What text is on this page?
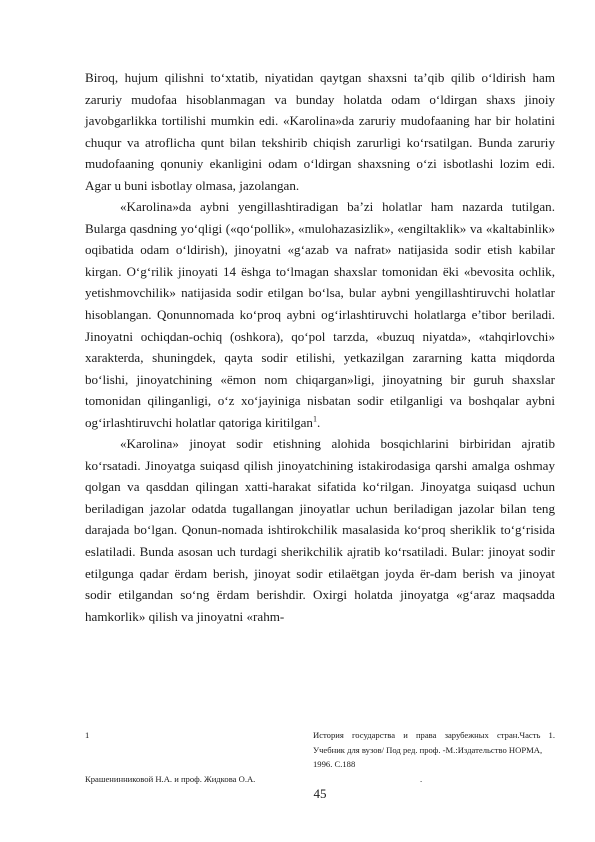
Biroq, hujum qilishni to‘xtatib, niyatidan qaytgan shaxsni ta’qib qilib o‘ldirish ham zaruriy mudofaa hisoblanmagan va bunday holatda odam o‘ldirgan shaxs jinoiy javobgarlikka tortilishi mumkin edi. «Karolina»da zaruriy mudofaaning har bir holatini chuqur va atroflicha qunt bilan tekshirib chiqish zarurligi ko‘rsatilgan. Bunda zaruriy mudofaaning qonuniy ekanligini odam o‘ldirgan shaxsning o‘zi isbotlashi lozim edi. Agar u buni isbotlay olmasa, jazolangan.

«Karolina»da aybni yengillashtiradigan ba’zi holatlar ham nazarda tutilgan. Bularga qasdning yo‘qligi («qo‘pollik», «mulohazasizlik», «engiltaklik» va «kaltabinlik» oqibatida odam o‘ldirish), jinoyatni «g‘azab va nafrat» natijasida sodir etish kabilar kirgan. O‘g‘rilik jinoyati 14 ёshga to‘lmagan shaxslar tomonidan ёki «bevosita ochlik, yetishmovchilik» natijasida sodir etilgan bo‘lsa, bular aybni yengillashtiruvchi holatlar hisoblangan. Qonunnomada ko‘proq aybni og‘irlashtiruvchi holatlarga e’tibor beriladi. Jinoyatni ochiqdan-ochiq (oshkora), qo‘pol tarzda, «buzuq niyatda», «tahqirlovchi» xarakterda, shuningdek, qayta sodir etilishi, yetkazilgan zararning katta miqdorda bo‘lishi, jinoyatchining «ёmon nom chiqargan»ligi, jinoyatning bir guruh shaxslar tomonidan qilinganligi, o‘z xo‘jayiniga nisbatan sodir etilganligi va boshqalar aybni og‘irlashtiruvchi holatlar qatoriga kiritilgan$^1$.

«Karolina» jinoyat sodir etishning alohida bosqichlarini birbiridan ajratib ko‘rsatadi. Jinoyatga suiqasd qilish jinoyatchining istakirodasiga qarshi amalga oshmay qolgan va qasddan qilingan xatti-harakat sifatida ko‘rilgan. Jinoyatga suiqasd uchun beriladigan jazolar odatda tugallangan jinoyatlar uchun beriladigan jazolar bilan teng darajada bo‘lgan. Qonun-nomada ishtirokchilik masalasida ko‘proq sheriklik to‘g‘risida eslatiladi. Bunda asosan uch turdagi sherikchilik ajratib ko‘rsatiladi. Bular: jinoyat sodir etilgunga qadar ёrdam berish, jinoyat sodir etilaёtgan joyda ёr-dam berish va jinoyat sodir etilgandan so‘ng ёrdam berishdir. Oxirgi holatda jinoyatga «g‘araz maqsadda hamkorlik» qilish va jinoyatni «rahm-

1	История государства и права зарубежных стран.Часть 1.
Учебник для вузов/ Под ред. проф. -М.:Издательство НОРМА,
1996. С.188
Крашенинниковой Н.А. и проф. Жидкова О.А.	.
45
